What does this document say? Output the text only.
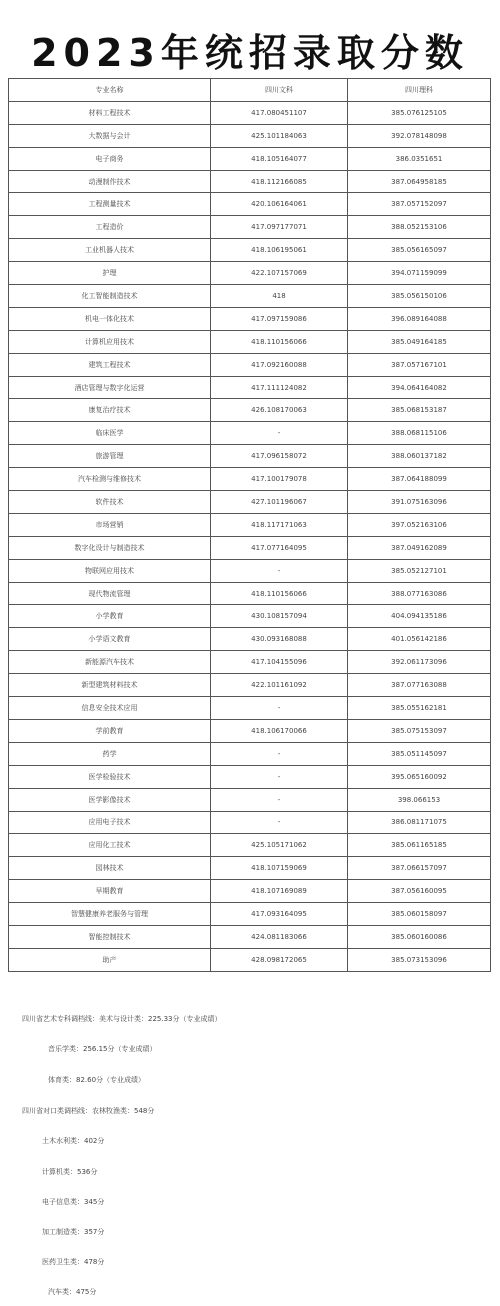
2023年统招录取分数
专业名称	四川文科	四川理科
材料工程技术	417.080451107	385.076125105
大数据与会计	425.101184063	392.078148098
电子商务	418.105164077	386.0351651
动漫制作技术	418.112166085	387.064958185
工程测量技术	420.106164061	387.057152097
工程造价	417.097177071	388.052153106
工业机器人技术	418.106195061	385.056165097
护理	422.107157069	394.071159099
化工智能制造技术	418	385.056150106
机电一体化技术	417.097159086	396.089164088
计算机应用技术	418.110156066	385.049164185
建筑工程技术	417.092160088	387.057167101
酒店管理与数字化运营	417.111124082	394.064164082
康复治疗技术	426.108170063	385.068153187
临床医学	-	388.068115106
旅游管理	417.096158072	388.060137182
汽车检测与维修技术	417.100179078	387.064188099
软件技术	427.101196067	391.075163096
市场营销	418.117171063	397.052163106
数字化设计与制造技术	417.077164095	387.049162089
物联网应用技术	-	385.052127101
现代物流管理	418.110156066	388.077163086
小学教育	430.108157094	404.094135186
小学语文教育	430.093168088	401.056142186
新能源汽车技术	417.104155096	392.061173096
新型建筑材料技术	422.101161092	387.077163088
信息安全技术应用	-	385.055162181
学前教育	418.106170066	385.075153097
药学	-	385.051145097
医学检验技术	-	395.065160092
医学影像技术	-	398.066153
应用电子技术	-	386.081171075
应用化工技术	425.105171062	385.061165185
园林技术	418.107159069	387.066157097
早期教育	418.107169089	387.056160095
智慧健康养老服务与管理	417.093164095	385.060158097
智能控制技术	424.081183066	385.060160086
助产	428.098172065	385.073153096
四川省艺术专科调档线：美术与设计类：225.33分（专业成绩）
音乐学类：256.15分（专业成绩）
体育类：82.60分（专业成绩）
四川省对口类调档线：农林牧渔类：548分
土木水利类：402分
计算机类：536分
电子信息类：345分
加工制造类：357分
医药卫生类：478分
汽车类：475分
